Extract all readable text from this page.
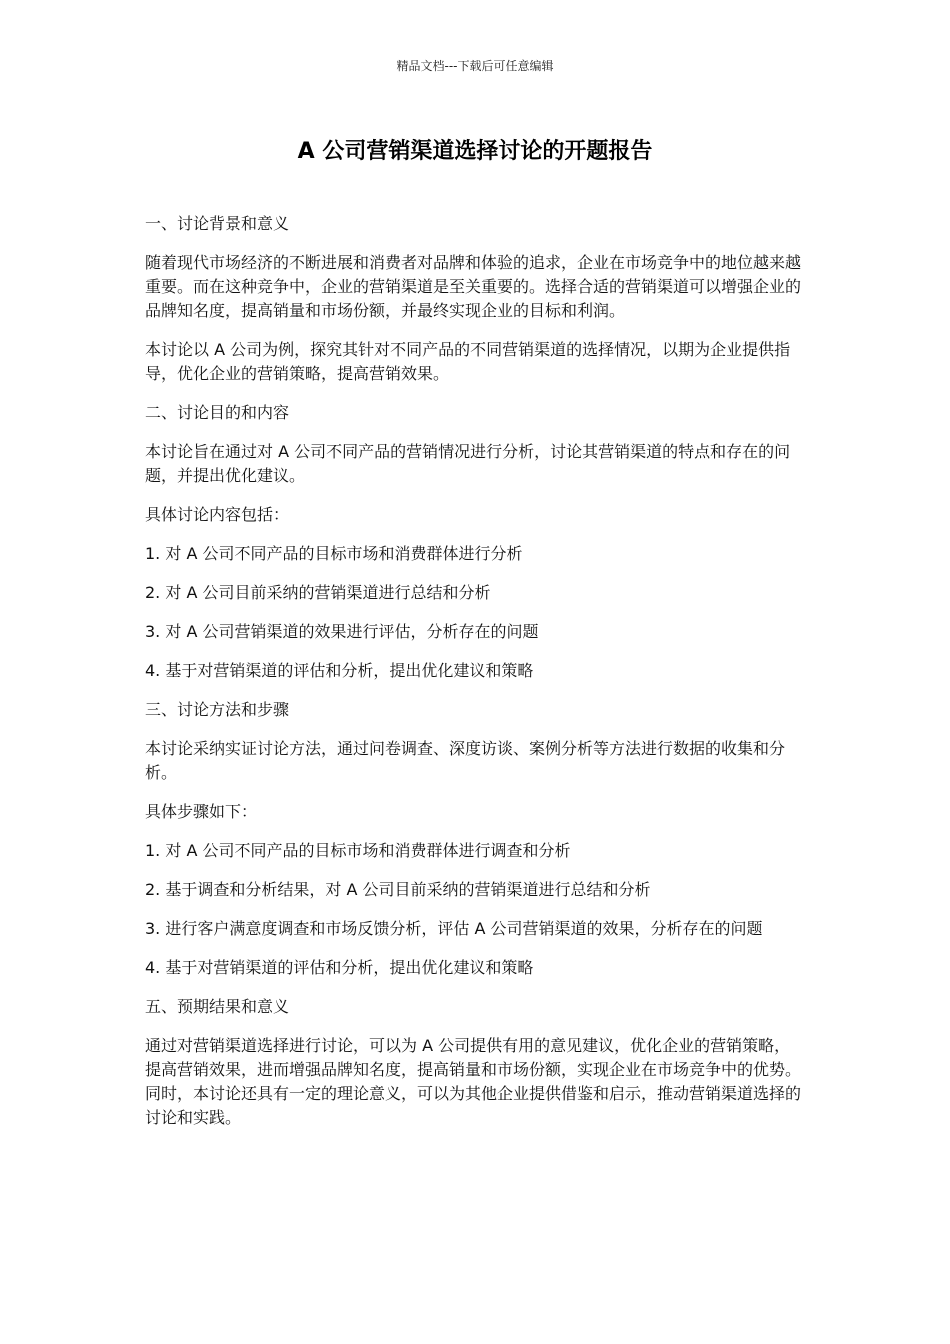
精品文档---下载后可任意编辑
A 公司营销渠道选择讨论的开题报告

一、讨论背景和意义

随着现代市场经济的不断进展和消费者对品牌和体验的追求，企业在市场竞争中的地位越来越重要。而在这种竞争中，企业的营销渠道是至关重要的。选择合适的营销渠道可以增强企业的品牌知名度，提高销量和市场份额，并最终实现企业的目标和利润。

本讨论以 A 公司为例，探究其针对不同产品的不同营销渠道的选择情况，以期为企业提供指导，优化企业的营销策略，提高营销效果。

二、讨论目的和内容

本讨论旨在通过对 A 公司不同产品的营销情况进行分析，讨论其营销渠道的特点和存在的问题，并提出优化建议。

具体讨论内容包括：

1. 对 A 公司不同产品的目标市场和消费群体进行分析

2. 对 A 公司目前采纳的营销渠道进行总结和分析

3. 对 A 公司营销渠道的效果进行评估，分析存在的问题

4. 基于对营销渠道的评估和分析，提出优化建议和策略

三、讨论方法和步骤

本讨论采纳实证讨论方法，通过问卷调查、深度访谈、案例分析等方法进行数据的收集和分析。

具体步骤如下：

1. 对 A 公司不同产品的目标市场和消费群体进行调查和分析

2. 基于调查和分析结果，对 A 公司目前采纳的营销渠道进行总结和分析

3. 进行客户满意度调查和市场反馈分析，评估 A 公司营销渠道的效果，分析存在的问题

4. 基于对营销渠道的评估和分析，提出优化建议和策略

五、预期结果和意义

通过对营销渠道选择进行讨论，可以为 A 公司提供有用的意见建议，优化企业的营销策略，提高营销效果，进而增强品牌知名度，提高销量和市场份额，实现企业在市场竞争中的优势。同时，本讨论还具有一定的理论意义，可以为其他企业提供借鉴和启示，推动营销渠道选择的讨论和实践。
